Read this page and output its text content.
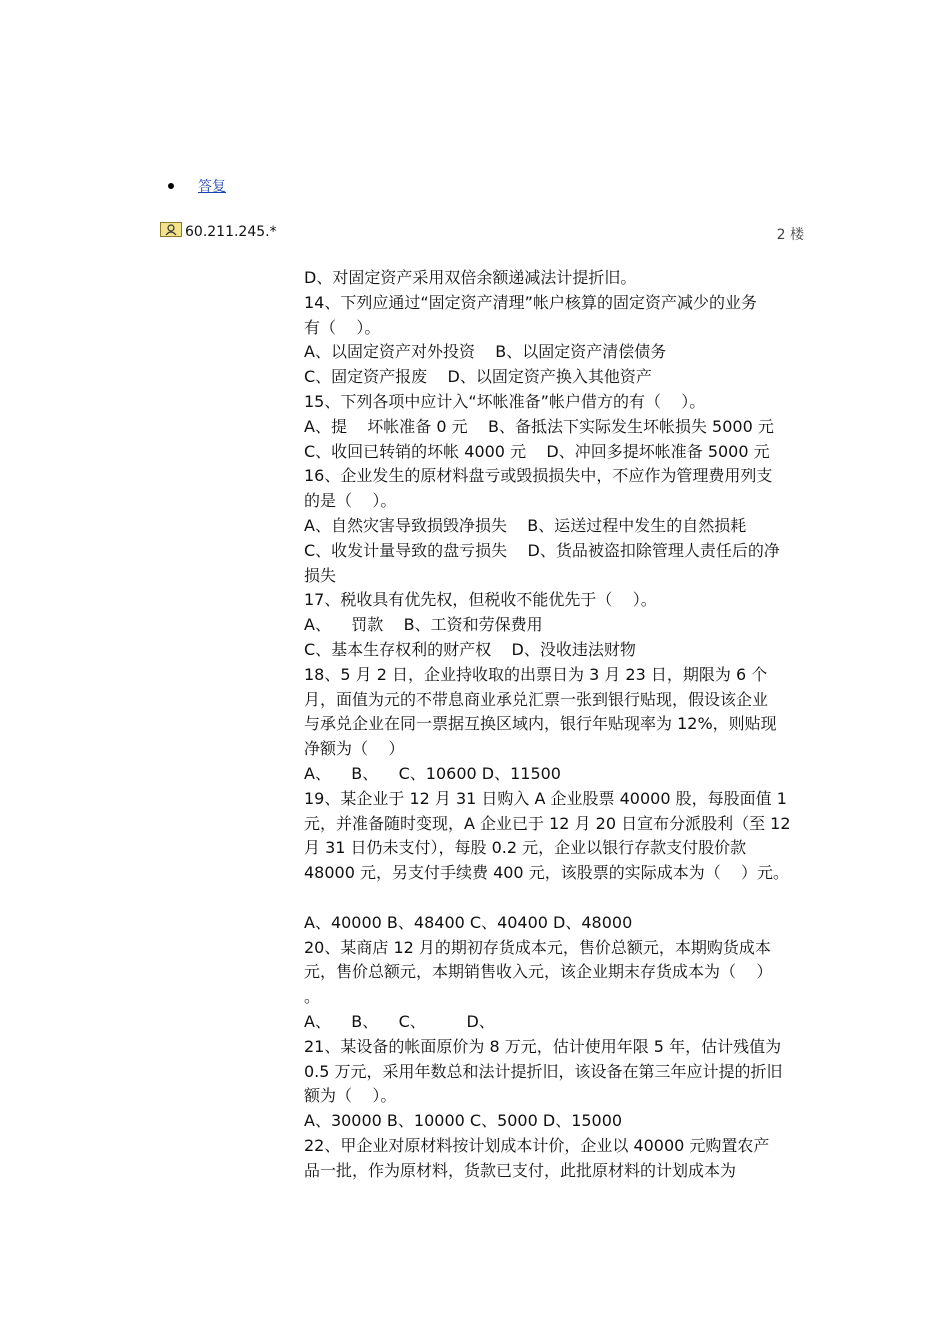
答复
60.211.245.*	2 楼
D、对固定资产采用双倍余额递减法计提折旧。
14、下列应通过“固定资产清理”帐户核算的固定资产减少的业务
有（    ）。
A、以固定资产对外投资    B、以固定资产清偿债务
C、固定资产报废    D、以固定资产换入其他资产
15、下列各项中应计入“坏帐准备”帐户借方的有（    ）。
A、提    坏帐准备 0 元    B、备抵法下实际发生坏帐损失 5000 元
C、收回已转销的坏帐 4000 元    D、冲回多提坏帐准备 5000 元
16、企业发生的原材料盘亏或毁损损失中，不应作为管理费用列支
的是（    ）。
A、自然灾害导致损毁净损失    B、运送过程中发生的自然损耗
C、收发计量导致的盘亏损失    D、货品被盗扣除管理人责任后的净
损失
17、税收具有优先权，但税收不能优先于（    ）。
A、    罚款    B、工资和劳保费用
C、基本生存权利的财产权    D、没收违法财物
18、5 月 2 日，企业持收取的出票日为 3 月 23 日，期限为 6 个
月，面值为元的不带息商业承兑汇票一张到银行贴现，假设该企业
与承兑企业在同一票据互换区域内，银行年贴现率为 12%，则贴现
净额为（    ）
A、    B、    C、10600 D、11500
19、某企业于 12 月 31 日购入 A 企业股票 40000 股，每股面值 1
元，并准备随时变现，A 企业已于 12 月 20 日宣布分派股利（至 12
月 31 日仍未支付），每股 0.2 元，企业以银行存款支付股价款
48000 元，另支付手续费 400 元，该股票的实际成本为（    ）元。
A、40000 B、48400 C、40400 D、48000
20、某商店 12 月的期初存货成本元，售价总额元，本期购货成本
元，售价总额元，本期销售收入元，该企业期末存货成本为（    ）
。
A、    B、    C、        D、
21、某设备的帐面原价为 8 万元，估计使用年限 5 年，估计残值为
0.5 万元，采用年数总和法计提折旧，该设备在第三年应计提的折旧
额为（    ）。
A、30000 B、10000 C、5000 D、15000
22、甲企业对原材料按计划成本计价，企业以 40000 元购置农产
品一批，作为原材料，货款已支付，此批原材料的计划成本为
